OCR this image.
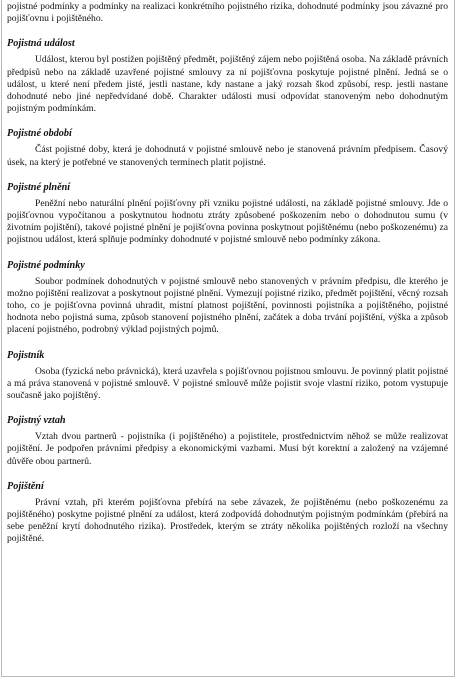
pojistné podmínky a podmínky na realizaci konkrétního pojistného rizika, dohodnuté podmínky jsou závazné pro pojišťovnu i pojištěného.

Pojistná událost

Událost, kterou byl postižen pojištěný předmět, pojištěný zájem nebo pojištěná osoba. Na základě právních předpisů nebo na základě uzavřené pojistné smlouvy za ní pojišťovna poskytuje pojistné plnění. Jedná se o událost, u které není předem jisté, jestli nastane, kdy nastane a jaký rozsah škod způsobí, resp. jestli nastane dohodnuté nebo jiné nepředvídané době. Charakter události musí odpovídat stanoveným nebo dohodnutým pojistným podmínkám.

Pojistné období

Část pojistné doby, která je dohodnutá v pojistné smlouvě nebo je stanovená právním předpisem. Časový úsek, na který je potřebné ve stanovených termínech platit pojistné.

Pojistné plnění

Peněžní nebo naturální plnění pojišťovny při vzniku pojistné události, na základě pojistné smlouvy. Jde o pojišťovnou vypočítanou a poskytnutou hodnotu ztráty způsobené poškozením nebo o dohodnutou sumu (v životním pojištění), takové pojistné plnění je pojišťovna povinna poskytnout pojištěnému (nebo poškozenému) za pojistnou událost, která splňuje podmínky dohodnuté v pojistné smlouvě nebo podmínky zákona.

Pojistné podmínky

Soubor podmínek dohodnutých v pojistné smlouvě nebo stanovených v právním předpisu, dle kterého je možno pojištění realizovat a poskytnout pojistné plnění. Vymezují pojistné riziko, předmět pojištění, věcný rozsah toho, co je pojišťovna povinná uhradit, místní platnost pojištění, povinnosti pojistníka a pojištěného, pojistné hodnota nebo pojistná suma, způsob stanovení pojistného plnění, začátek a doba trvání pojištění, výška a způsob placení pojistného, podrobný výklad pojistných pojmů.

Pojistník

Osoba (fyzická nebo právnická), která uzavřela s pojišťovnou pojistnou smlouvu. Je povinný platit pojistné a má práva stanovená v pojistné smlouvě. V pojistné smlouvě může pojistit svoje vlastní riziko, potom vystupuje současně jako pojištěný.

Pojistný vztah

Vztah dvou partnerů - pojistníka (i pojištěného) a pojistitele, prostřednictvím něhož se může realizovat pojištění. Je podpořen právními předpisy a ekonomickými vazbami. Musí být korektní a založený na vzájemné důvěře obou partnerů.

Pojištění

Právní vztah, při kterém pojišťovna přebírá na sebe závazek, že pojištěnému (nebo poškozenému za pojištěného) poskytne pojistné plnění za událost, která zodpovídá dohodnutým pojistným podmínkám (přebírá na sebe peněžní krytí dohodnutého rizika). Prostředek, kterým se ztráty několika pojištěných rozloží na všechny pojištěné.
